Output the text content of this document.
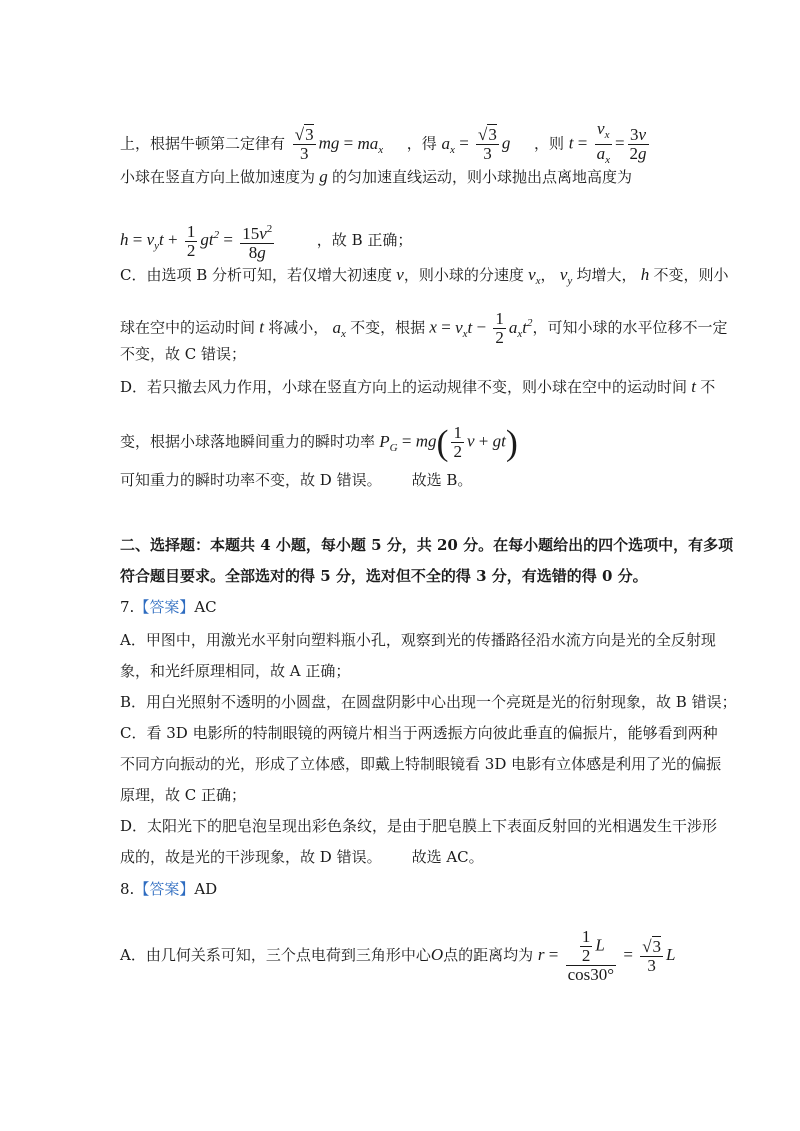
上，根据牛顿第二定律有 $\frac{√3}{3}$ mg = $ma_x$ ，得 $a_x = \frac{√3}{3}$ g ，则 $t = \frac{v_x}{a_x} = \frac{3v}{2g}$
小球在竖直方向上做加速度为 g 的匀加速直线运动，则小球抛出点离地高度为
$h = v_yt + \frac{1}{2} gt^2 = \frac{15v^2}{8g}$	，故 B 正确；
C．由选项 B 分析可知，若仅增大初速度 v，则小球的分速度 $v_x$， $v_y$ 均增大， h 不变，则小
球在空中的运动时间 t 将减小， $a_x$ 不变，根据 $x = v_xt - \frac{1}{2} a_xt^2$，可知小球的水平位移不一定
不变，故 C 错误；
D．若只撤去风力作用，小球在竖直方向上的运动规律不变，则小球在空中的运动时间 t 不
变，根据小球落地瞬间重力的瞬时功率 $P_G = mg( \frac{1}{2}$ v + gt)
可知重力的瞬时功率不变，故 D 错误。 故选 B。
二、选择题：本题共 4 小题，每小题 5 分，共 20 分。在每小题给出的四个选项中，有多项
符合题目要求。全部选对的得 5 分，选对但不全的得 3 分，有选错的得 0 分。
7.【答案】AC
A．甲图中，用激光水平射向塑料瓶小孔，观察到光的传播路径沿水流方向是光的全反射现
象，和光纤原理相同，故 A 正确；
B．用白光照射不透明的小圆盘，在圆盘阴影中心出现一个亮斑是光的衍射现象，故 B 错误；
C．看 3D 电影所的特制眼镜的两镜片相当于两透振方向彼此垂直的偏振片，能够看到两种
不同方向振动的光，形成了立体感，即戴上特制眼镜看 3D 电影有立体感是利用了光的偏振
原理，故 C 正确；
D．太阳光下的肥皂泡呈现出彩色条纹，是由于肥皂膜上下表面反射回的光相遇发生干涉形
成的，故是光的干涉现象，故 D 错误。 故选 AC。
8.【答案】AD
A．由几何关系可知，三个点电荷到三角形中心O点的距离均为 $r = \frac{\frac{1}{2} L}{\cos 30^\circ} = \frac{√3}{3}$ L
